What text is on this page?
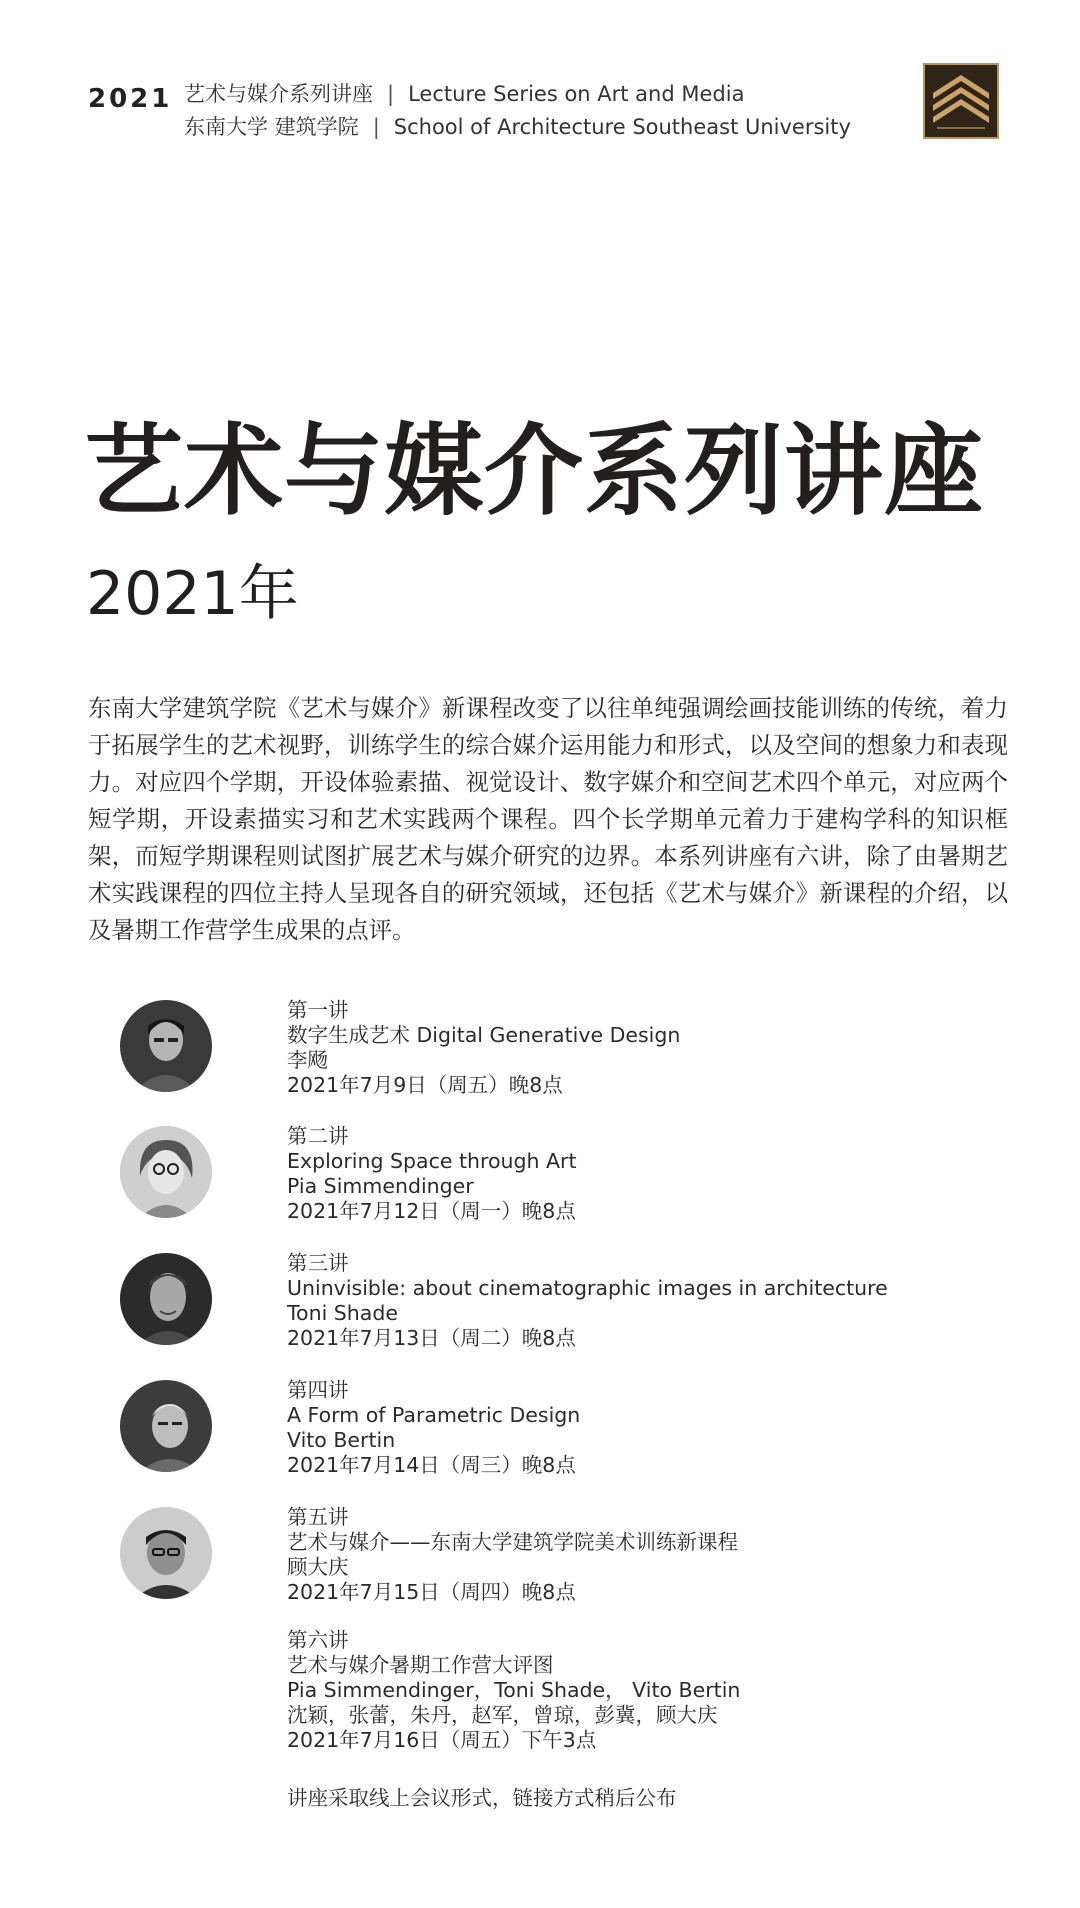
2021 艺术与媒介系列讲座 | Lecture Series on Art and Media
东南大学 建筑学院 | School of Architecture Southeast University
艺术与媒介系列讲座
2021年
东南大学建筑学院《艺术与媒介》新课程改变了以往单纯强调绘画技能训练的传统，着力于拓展学生的艺术视野，训练学生的综合媒介运用能力和形式，以及空间的想象力和表现力。对应四个学期，开设体验素描、视觉设计、数字媒介和空间艺术四个单元，对应两个短学期，开设素描实习和艺术实践两个课程。四个长学期单元着力于建构学科的知识框架，而短学期课程则试图扩展艺术与媒介研究的边界。本系列讲座有六讲，除了由暑期艺术实践课程的四位主持人呈现各自的研究领域，还包括《艺术与媒介》新课程的介绍，以及暑期工作营学生成果的点评。
第一讲
数字生成艺术 Digital Generative Design
李飏
2021年7月9日（周五）晚8点
第二讲
Exploring Space through Art
Pia Simmendinger
2021年7月12日（周一）晚8点
第三讲
Uninvisible: about cinematographic images in architecture
Toni Shade
2021年7月13日（周二）晚8点
第四讲
A Form of Parametric Design
Vito Bertin
2021年7月14日（周三）晚8点
第五讲
艺术与媒介——东南大学建筑学院美术训练新课程
顾大庆
2021年7月15日（周四）晚8点
第六讲
艺术与媒介暑期工作营大评图
Pia Simmendinger，Toni Shade， Vito Bertin
沈颖，张蕾，朱丹，赵军，曾琼，彭冀，顾大庆
2021年7月16日（周五）下午3点
讲座采取线上会议形式，链接方式稍后公布
